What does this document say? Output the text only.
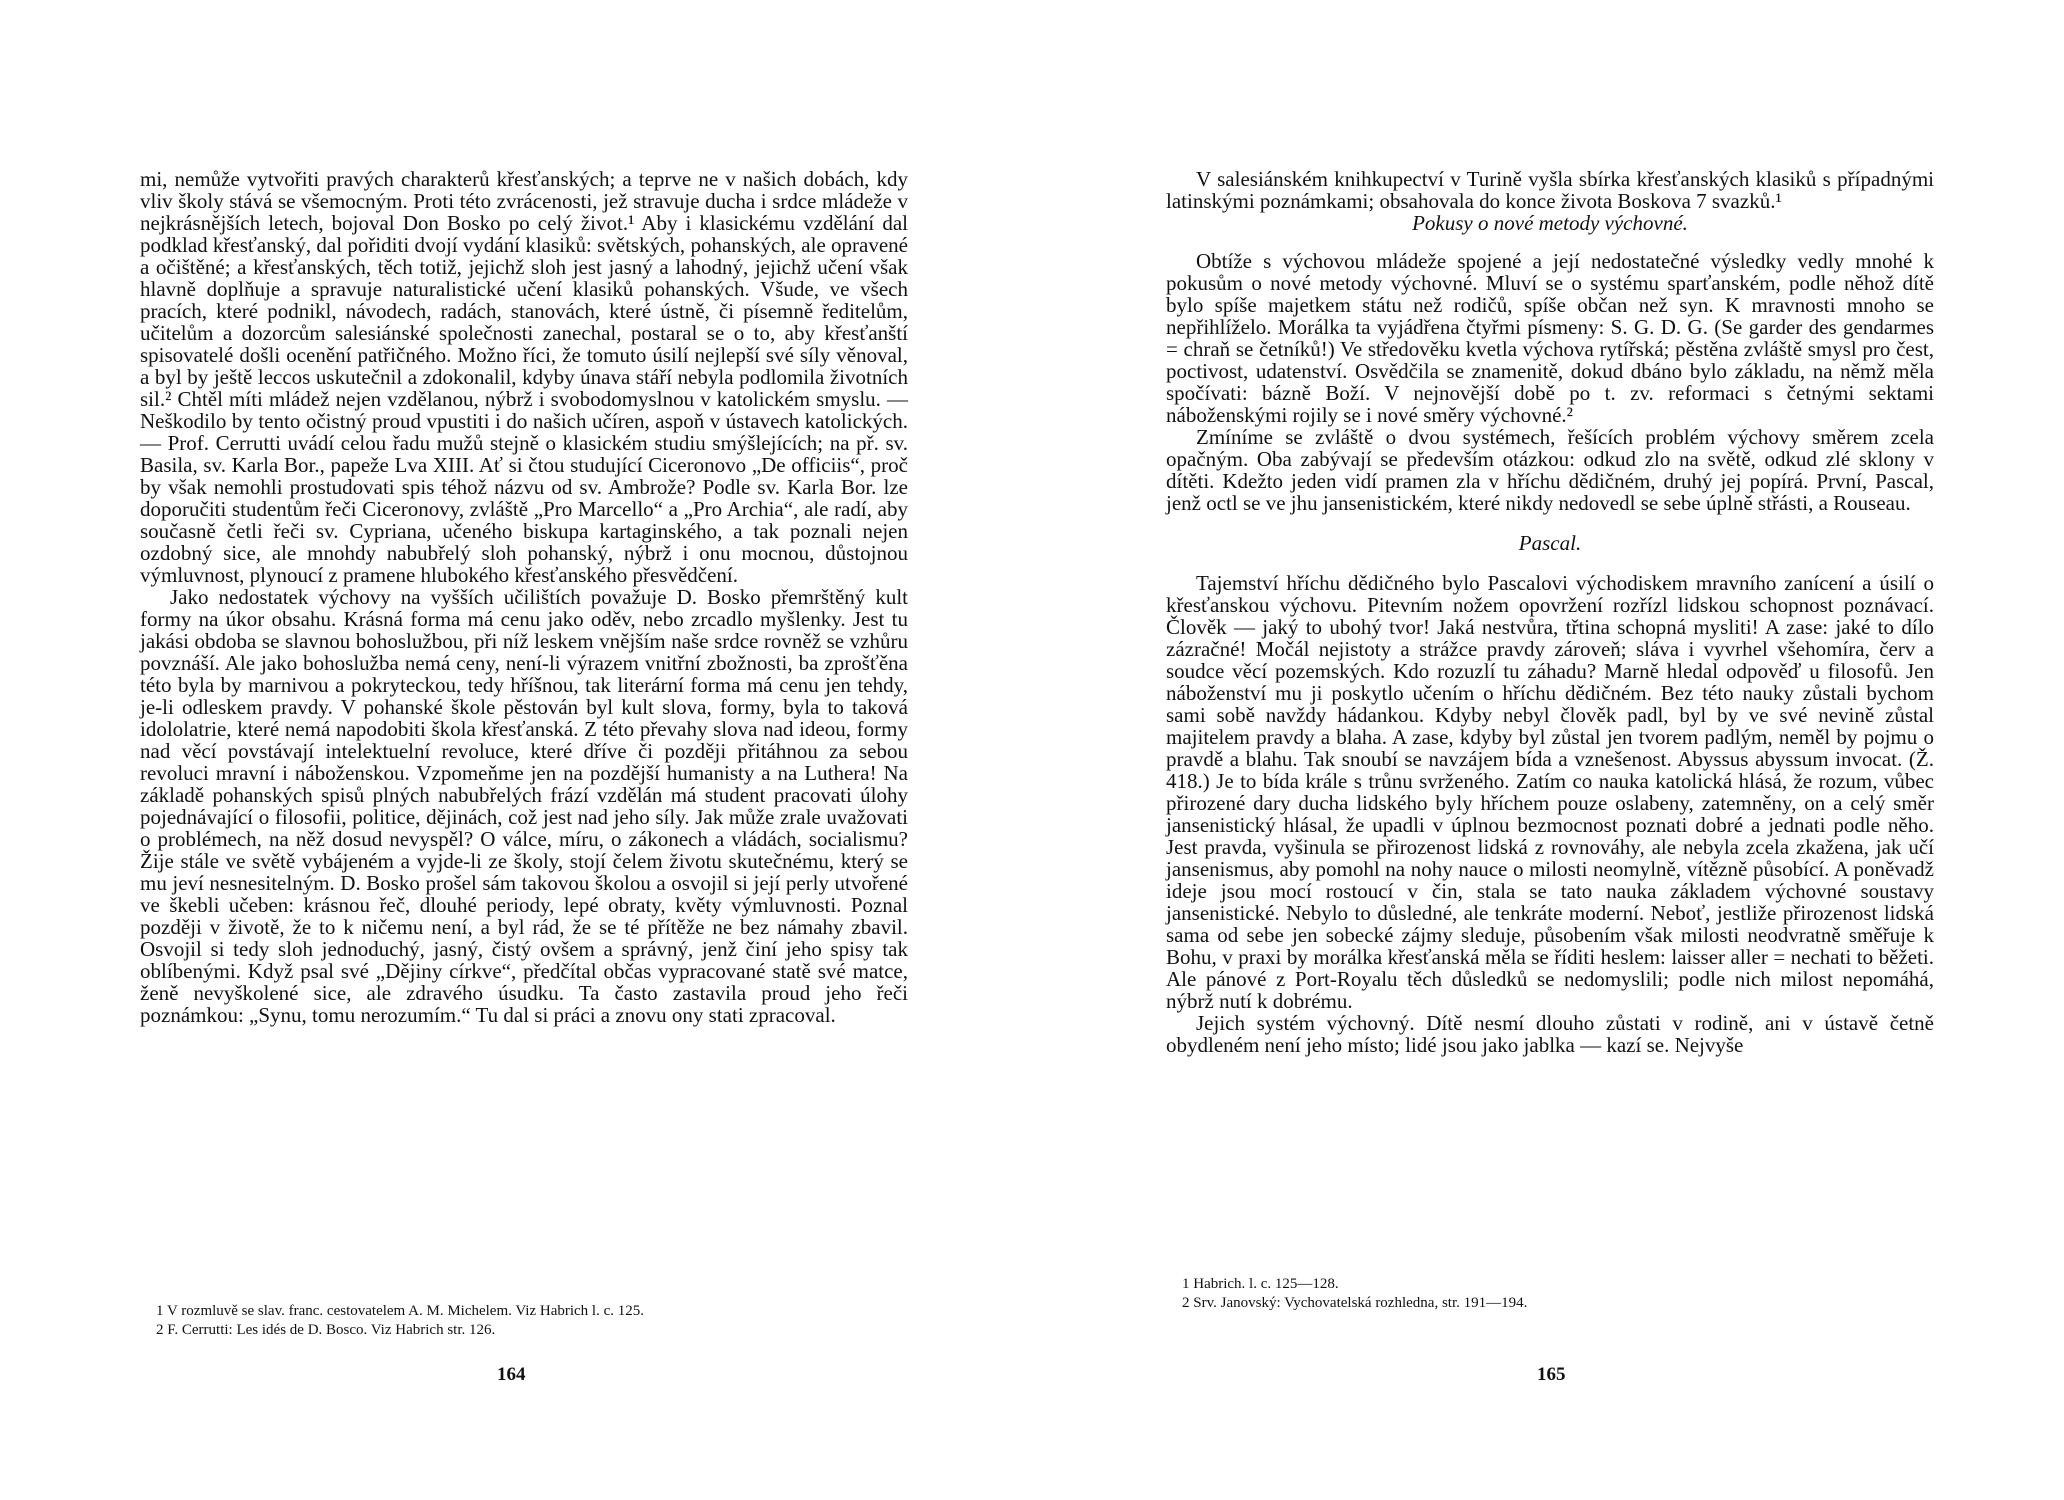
mi, nemůže vytvořiti pravých charakterů křesťanských; a teprve ne v našich dobách, kdy vliv školy stává se všemocným. Proti této zvrácenosti, jež stravuje ducha i srdce mládeže v nejkrásnějších letech, bojoval Don Bosko po celý život.¹ Aby i klasickému vzdělání dal podklad křesťanský, dal pořiditi dvojí vydání klasiků: světských, pohanských, ale opravené a očištěné; a křesťanských, těch totiž, jejichž sloh jest jasný a lahodný, jejichž učení však hlavně doplňuje a spravuje naturalistické učení klasiků pohanských. Všude, ve všech pracích, které podnikl, návodech, radách, stanovách, které ústně, či písemně ředitelům, učitelům a dozorcům salesiánské společnosti zanechal, postaral se o to, aby křesťanští spisovatelé došli ocenění patřičného. Možno říci, že tomuto úsilí nejlepší své síly věnoval, a byl by ještě leccos uskutečnil a zdokonalil, kdyby únava stáří nebyla podlomila životních sil.² Chtěl míti mládež nejen vzdělanou, nýbrž i svobodomyslnou v katolickém smyslu. — Neškodilo by tento očistný proud vpustiti i do našich učíren, aspoň v ústavech katolických. — Prof. Cerrutti uvádí celou řadu mužů stejně o klasickém studiu smýšlejících; na př. sv. Basila, sv. Karla Bor., papeže Lva XIII. Ať si čtou studující Ciceronovo „De officiis“, proč by však nemohli prostudovati spis téhož názvu od sv. Ambrože? Podle sv. Karla Bor. lze doporučiti studentům řeči Ciceronovy, zvláště „Pro Marcello“ a „Pro Archia“, ale radí, aby současně četli řeči sv. Cypriana, učeného biskupa kartaginského, a tak poznali nejen ozdobný sice, ale mnohdy nabubřelý sloh pohanský, nýbrž i onu mocnou, důstojnou výmluvnost, plynoucí z pramene hlubokého křesťanského přesvědčení.

Jako nedostatek výchovy na vyšších učilištích považuje D. Bosko přemrštěný kult formy na úkor obsahu. Krásná forma má cenu jako oděv, nebo zrcadlo myšlenky. Jest tu jakási obdoba se slavnou bohoslužbou, při níž leskem vnějším naše srdce rovněž se vzhůru povznáší. Ale jako bohoslužba nemá ceny, není-li výrazem vnitřní zbožnosti, ba zprošťěna této byla by marnivou a pokryteckou, tedy hříšnou, tak literární forma má cenu jen tehdy, je-li odleskem pravdy. V pohanské škole pěstován byl kult slova, formy, byla to taková idololatrie, které nemá napodobiti škola křesťanská. Z této převahy slova nad ideou, formy nad věcí povstávají intelektuelní revoluce, které dříve či později přitáhnou za sebou revoluci mravní i náboženskou. Vzpomeňme jen na pozdější humanisty a na Luthera! Na základě pohanských spisů plných nabubřelých frází vzdělán má student pracovati úlohy pojednávající o filosofii, politice, dějinách, což jest nad jeho síly. Jak může zrale uvažovati o problémech, na něž dosud nevyspěl? O válce, míru, o zákonech a vládách, socialismu? Žije stále ve světě vybájeném a vyjde-li ze školy, stojí čelem životu skutečnému, který se mu jeví nesnesitelným. D. Bosko prošel sám takovou školou a osvojil si její perly utvořené ve škebli učeben: krásnou řeč, dlouhé periody, lepé obraty, květy výmluvnosti. Poznal později v životě, že to k ničemu není, a byl rád, že se té přítěže ne bez námahy zbavil. Osvojil si tedy sloh jednoduchý, jasný, čistý ovšem a správný, jenž činí jeho spisy tak oblíbenými. Když psal své „Dějiny církve“, předčítal občas vypracované statě své matce, ženě nevyškolené sice, ale zdravého úsudku. Ta často zastavila proud jeho řeči poznámkou: „Synu, tomu nerozumím.“ Tu dal si práci a znovu ony stati zpracoval.

1 V rozmluvě se slav. franc. cestovatelem A. M. Michelem. Viz Habrich l. c. 125.

2 F. Cerrutti: Les idés de D. Bosco. Viz Habrich str. 126.

164

V salesiánském knihkupectví v Turině vyšla sbírka křesťanských klasiků s případnými latinskými poznámkami; obsahovala do konce života Boskova 7 svazků.¹

Pokusy o nové metody výchovné.

Obtíže s výchovou mládeže spojené a její nedostatečné výsledky vedly mnohé k pokusům o nové metody výchovné. Mluví se o systému sparťanském, podle něhož dítě bylo spíše majetkem státu než rodičů, spíše občan než syn. K mravnosti mnoho se nepřihlíželo. Morálka ta vyjádřena čtyřmi písmeny: S. G. D. G. (Se garder des gendarmes = chraň se četníků!) Ve středověku kvetla výchova rytířská; pěstěna zvláště smysl pro čest, poctivost, udatenství. Osvědčila se znamenitě, dokud dbáno bylo základu, na němž měla spočívati: bázně Boží. V nejnovější době po t. zv. reformaci s četnými sektami náboženskými rojily se i nové směry výchovné.²

Zmíníme se zvláště o dvou systémech, řešících problém výchovy směrem zcela opačným. Oba zabývají se především otázkou: odkud zlo na světě, odkud zlé sklony v dítěti. Kdežto jeden vidí pramen zla v hříchu dědičném, druhý jej popírá. První, Pascal, jenž octl se ve jhu jansenistickém, které nikdy nedovedl se sebe úplně střásti, a Rouseau.

Pascal.

Tajemství hříchu dědičného bylo Pascalovi východiskem mravního zanícení a úsilí o křesťanskou výchovu. Pitevním nožem opovržení rozřízl lidskou schopnost poznávací. Člověk — jaký to ubohý tvor! Jaká nestvůra, třtina schopná mysliti! A zase: jaké to dílo zázračné! Močál nejistoty a strážce pravdy zároveň; sláva i vyvrhel všehomíra, červ a soudce věcí pozemských. Kdo rozuzlí tu záhadu? Marně hledal odpověď u filosofů. Jen náboženství mu ji poskytlo učením o hříchu dědičném. Bez této nauky zůstali bychom sami sobě navždy hádankou. Kdyby nebyl člověk padl, byl by ve své nevině zůstal majitelem pravdy a blaha. A zase, kdyby byl zůstal jen tvorem padlým, neměl by pojmu o pravdě a blahu. Tak snoubí se navzájem bída a vznešenost. Abyssus abyssum invocat. (Ž. 418.) Je to bída krále s trůnu svrženého. Zatím co nauka katolická hlásá, že rozum, vůbec přirozené dary ducha lidského byly hříchem pouze oslabeny, zatemněny, on a celý směr jansenistický hlásal, že upadli v úplnou bezmocnost poznati dobré a jednati podle něho. Jest pravda, vyšinula se přirozenost lidská z rovnováhy, ale nebyla zcela zkažena, jak učí jansenismus, aby pomohl na nohy nauce o milosti neomylně, vítězně působící. A poněvadž ideje jsou mocí rostoucí v čin, stala se tato nauka základem výchovné soustavy jansenistické. Nebylo to důsledné, ale tenkráte moderní. Neboť, jestliže přirozenost lidská sama od sebe jen sobecké zájmy sleduje, působením však milosti neodvratně směřuje k Bohu, v praxi by morálka křesťanská měla se říditi heslem: laisser aller = nechati to běžeti. Ale pánové z Port-Royalu těch důsledků se nedomyslili; podle nich milost nepomáhá, nýbrž nutí k dobrému.

Jejich systém výchovný. Dítě nesmí dlouho zůstati v rodině, ani v ústavě četně obydleném není jeho místo; lidé jsou jako jablka — kazí se. Nejvyše

1 Habrich. l. c. 125—128.

2 Srv. Janovský: Vychovatelská rozhledna, str. 191—194.

165
